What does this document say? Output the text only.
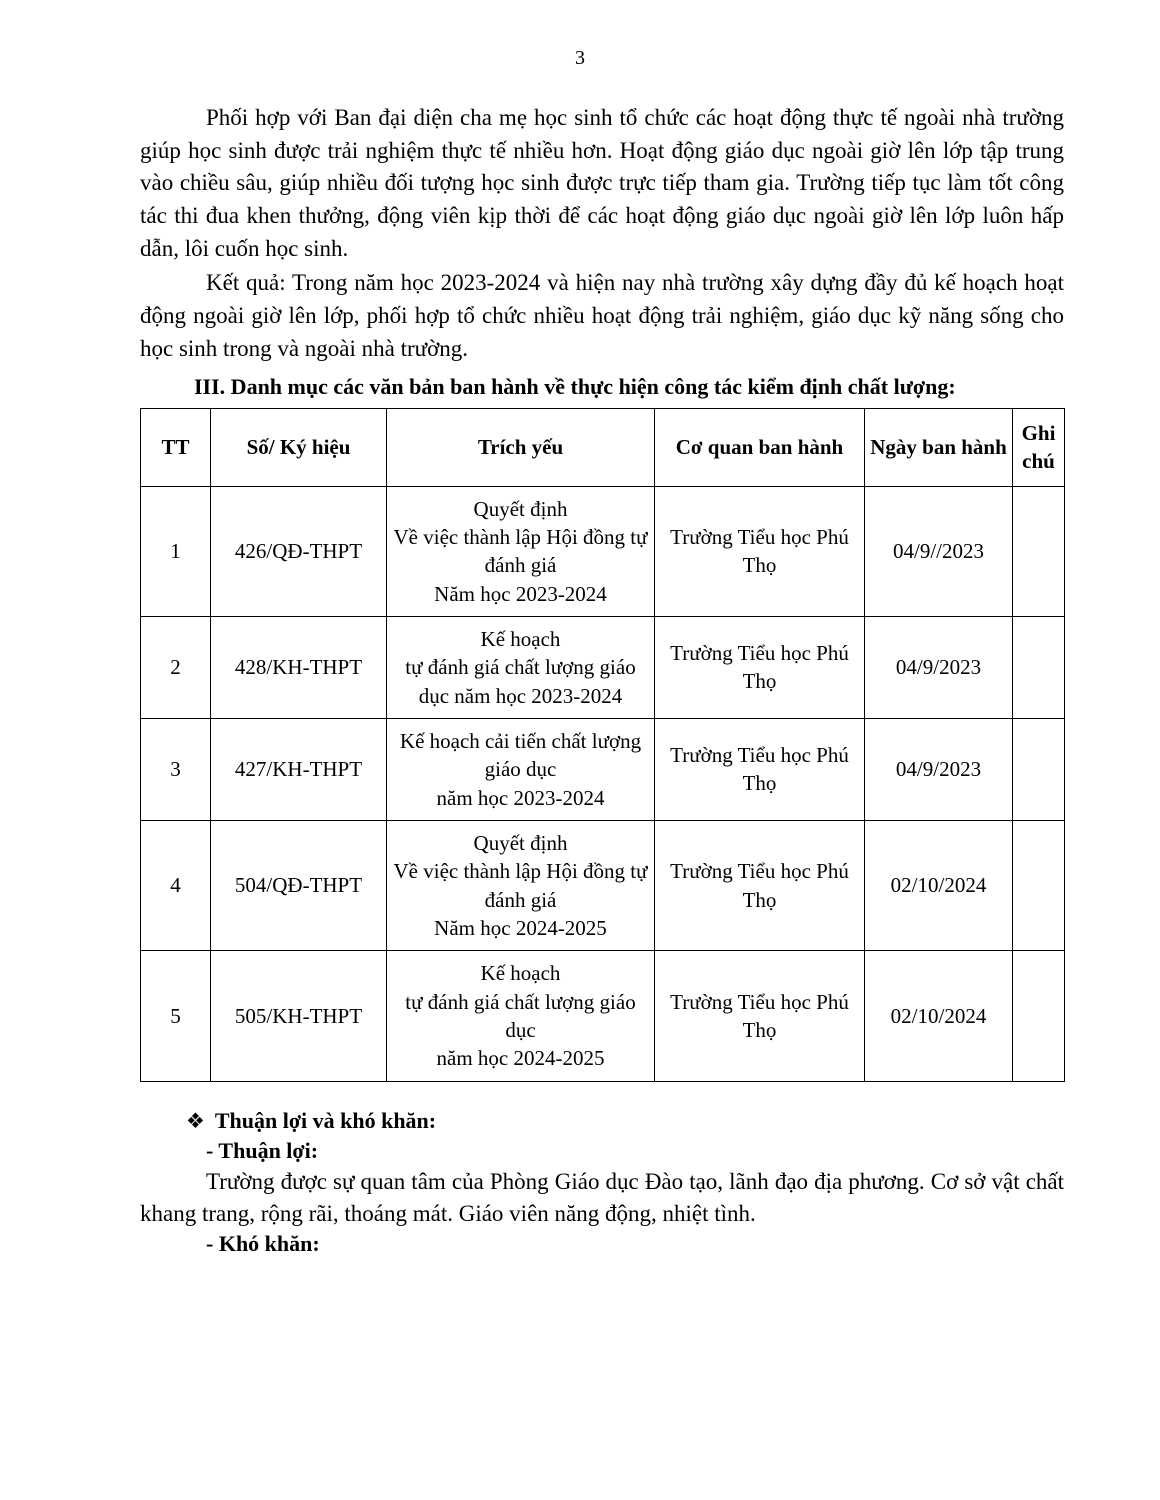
3

Phối hợp với Ban đại diện cha mẹ học sinh tổ chức các hoạt động thực tế ngoài nhà trường giúp học sinh được trải nghiệm thực tế nhiều hơn. Hoạt động giáo dục ngoài giờ lên lớp tập trung vào chiều sâu, giúp nhiều đối tượng học sinh được trực tiếp tham gia. Trường tiếp tục làm tốt công tác thi đua khen thưởng, động viên kịp thời để các hoạt động giáo dục ngoài giờ lên lớp luôn hấp dẫn, lôi cuốn học sinh.

Kết quả: Trong năm học 2023-2024 và hiện nay nhà trường xây dựng đầy đủ kế hoạch hoạt động ngoài giờ lên lớp, phối hợp tổ chức nhiều hoạt động trải nghiệm, giáo dục kỹ năng sống cho học sinh trong và ngoài nhà trường.

III. Danh mục các văn bản ban hành về thực hiện công tác kiểm định chất lượng:
TT	Số/ Ký hiệu	Trích yếu	Cơ quan ban hành	Ngày ban hành	Ghi chú
1	426/QĐ-THPT	Quyết định
Về việc thành lập Hội đồng tự đánh giá
Năm học 2023-2024	Trường Tiểu học Phú Thọ	04/9//2023	
2	428/KH-THPT	Kế hoạch
tự đánh giá chất lượng giáo dục năm học 2023-2024	Trường Tiểu học Phú Thọ	04/9/2023	
3	427/KH-THPT	Kế hoạch cải tiến chất lượng giáo dục
năm học 2023-2024	Trường Tiểu học Phú Thọ	04/9/2023	
4	504/QĐ-THPT	Quyết định
Về việc thành lập Hội đồng tự đánh giá
Năm học 2024-2025	Trường Tiểu học Phú Thọ	02/10/2024	
5	505/KH-THPT	Kế hoạch
tự đánh giá chất lượng giáo dục
năm học 2024-2025	Trường Tiểu học Phú Thọ	02/10/2024	
❖ Thuận lợi và khó khăn:
- Thuận lợi:

Trường được sự quan tâm của Phòng Giáo dục Đào tạo, lãnh đạo địa phương. Cơ sở vật chất khang trang, rộng rãi, thoáng mát. Giáo viên năng động, nhiệt tình.

- Khó khăn:
